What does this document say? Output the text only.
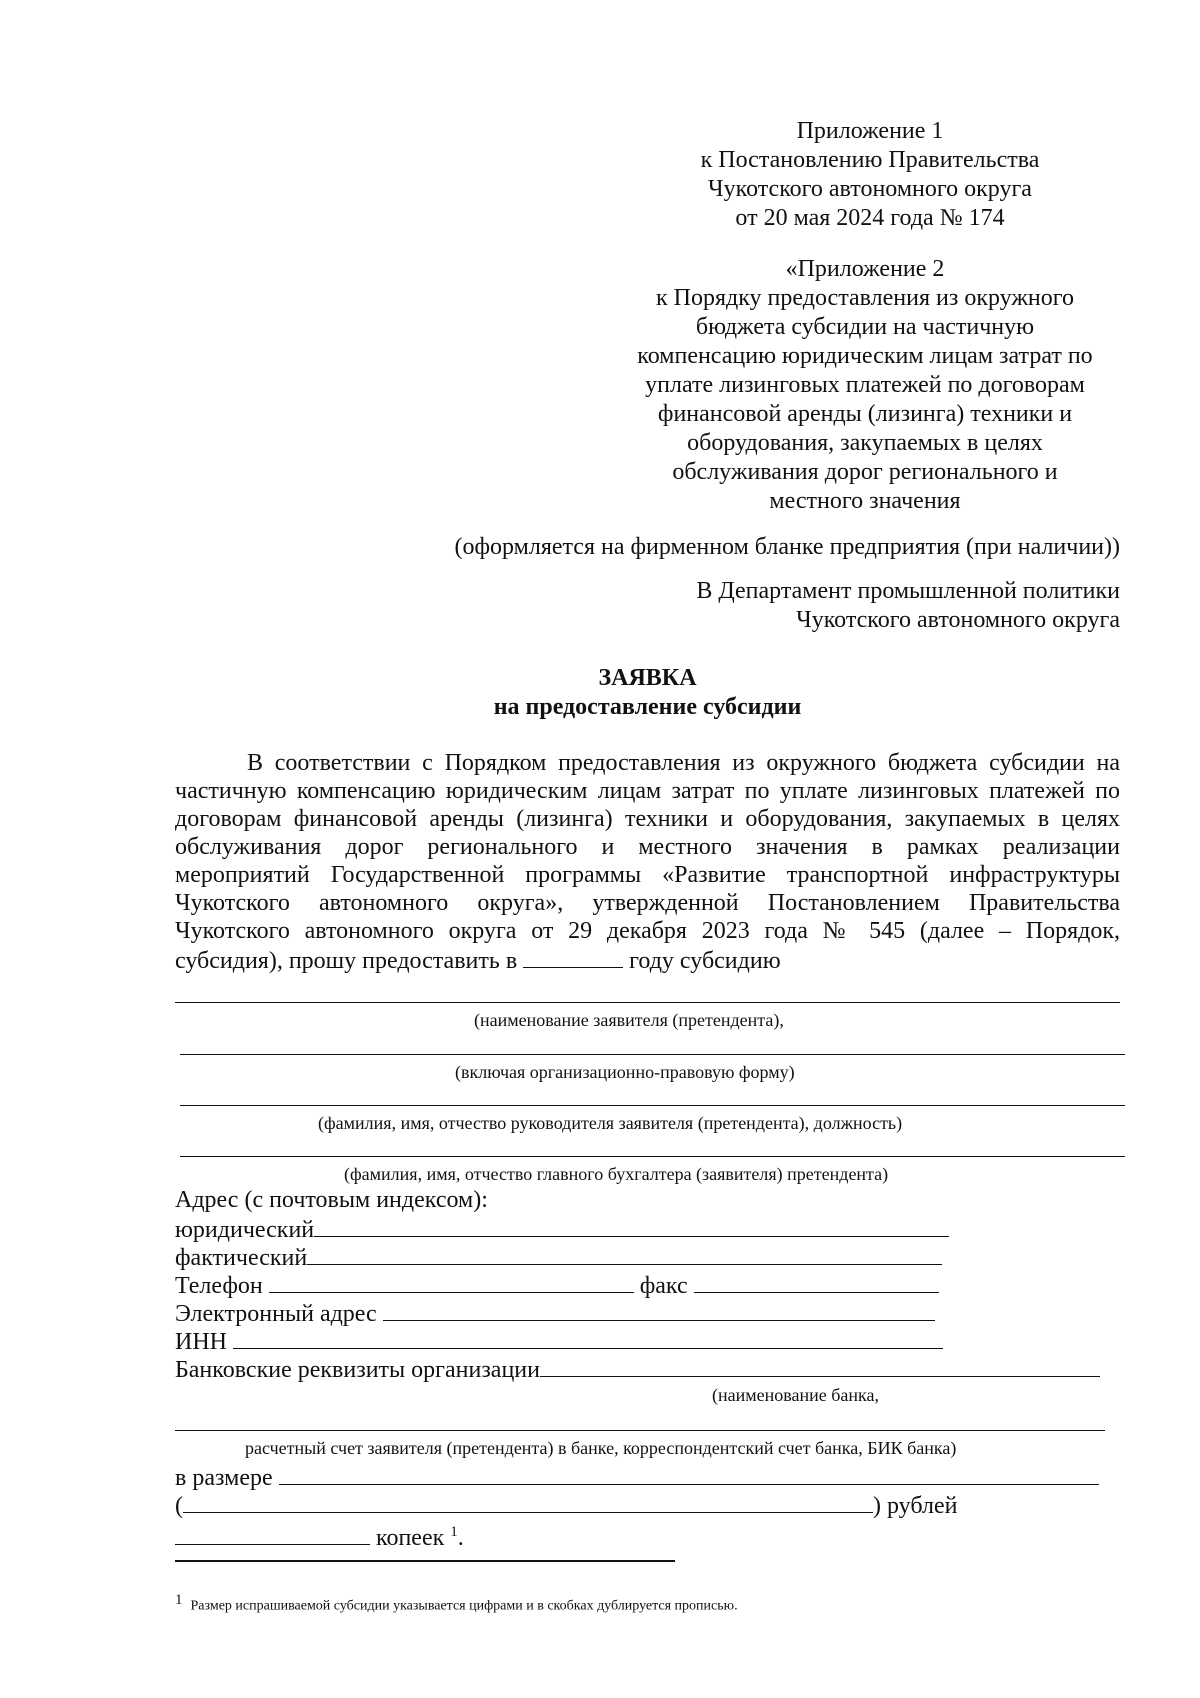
Приложение 1
к Постановлению Правительства
Чукотского автономного округа
от 20 мая 2024 года № 174
«Приложение 2
к Порядку предоставления из окружного
бюджета субсидии на частичную
компенсацию юридическим лицам затрат по
уплате лизинговых платежей по договорам
финансовой аренды (лизинга) техники и
оборудования, закупаемых в целях
обслуживания дорог регионального и
местного значения
(оформляется на фирменном бланке предприятия (при наличии))
В Департамент промышленной политики
Чукотского автономного округа
ЗАЯВКА
на предоставление субсидии
В соответствии с Порядком предоставления из окружного бюджета субсидии на
частичную компенсацию юридическим лицам затрат по уплате лизинговых платежей по
договорам финансовой аренды (лизинга) техники и оборудования, закупаемых в целях
обслуживания дорог регионального и местного значения в рамках реализации
мероприятий Государственной программы «Развитие транспортной инфраструктуры
Чукотского автономного округа», утвержденной Постановлением Правительства
Чукотского автономного округа от 29 декабря 2023 года № 545 (далее – Порядок,
субсидия), прошу предоставить в	году субсидию
(наименование заявителя (претендента),
(включая организационно-правовую форму)
(фамилия, имя, отчество руководителя заявителя (претендента), должность)
(фамилия, имя, отчество главного бухгалтера (заявителя) претендента)
Адрес (с почтовым индексом):
юридический
фактический
Телефон	факс
Электронный адрес
ИНН
Банковские реквизиты организации
(наименование банка,
расчетный счет заявителя (претендента) в банке, корреспондентский счет банка, БИК банка)
в размере
(	) рублей
копеек $^1$.
$^1$ Размер испрашиваемой субсидии указывается цифрами и в скобках дублируется прописью.
